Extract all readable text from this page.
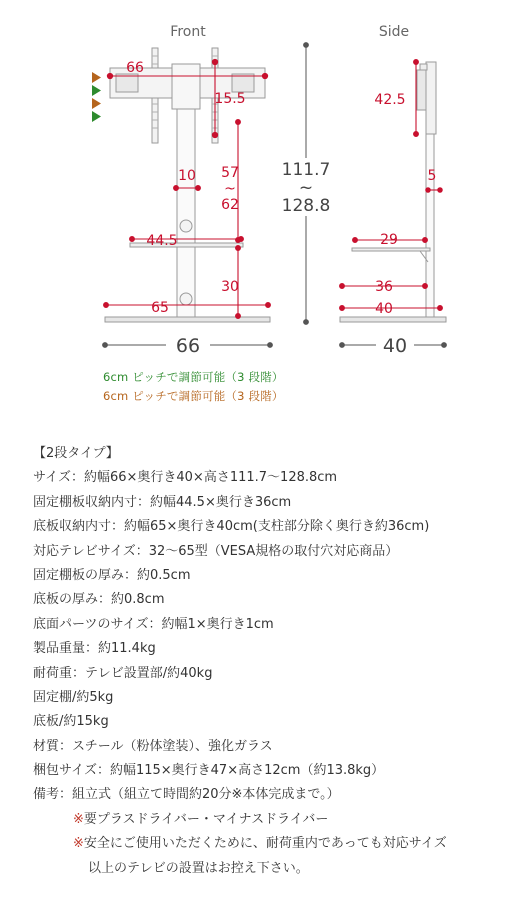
Front
66
15.5
10 57
~
62
44.5
30
65
66
111.7
~
128.8
Side
42.5
5
29
36
40
40
6cm ピッチで調節可能（3 段階）
6cm ピッチで調節可能（3 段階）
【2段タイプ】
サイズ：約幅66×奥行き40×高さ111.7～128.8cm
固定棚板収納内寸：約幅44.5×奥行き36cm
底板収納内寸：約幅65×奥行き40cm(支柱部分除く奥行き約36cm)
対応テレビサイズ：32～65型（VESA規格の取付穴対応商品）
固定棚板の厚み：約0.5cm
底板の厚み：約0.8cm
底面パーツのサイズ：約幅1×奥行き1cm
製品重量：約11.4kg
耐荷重：テレビ設置部/約40kg
固定棚/約5kg
底板/約15kg
材質：スチール（粉体塗装）、強化ガラス
梱包サイズ：約幅115×奥行き47×高さ12cm（約13.8kg）
備考：組立式（組立て時間約20分※本体完成まで。）
※要プラスドライバー・マイナスドライバー
※安全にご使用いただくために、耐荷重内であっても対応サイズ
以上のテレビの設置はお控え下さい。
